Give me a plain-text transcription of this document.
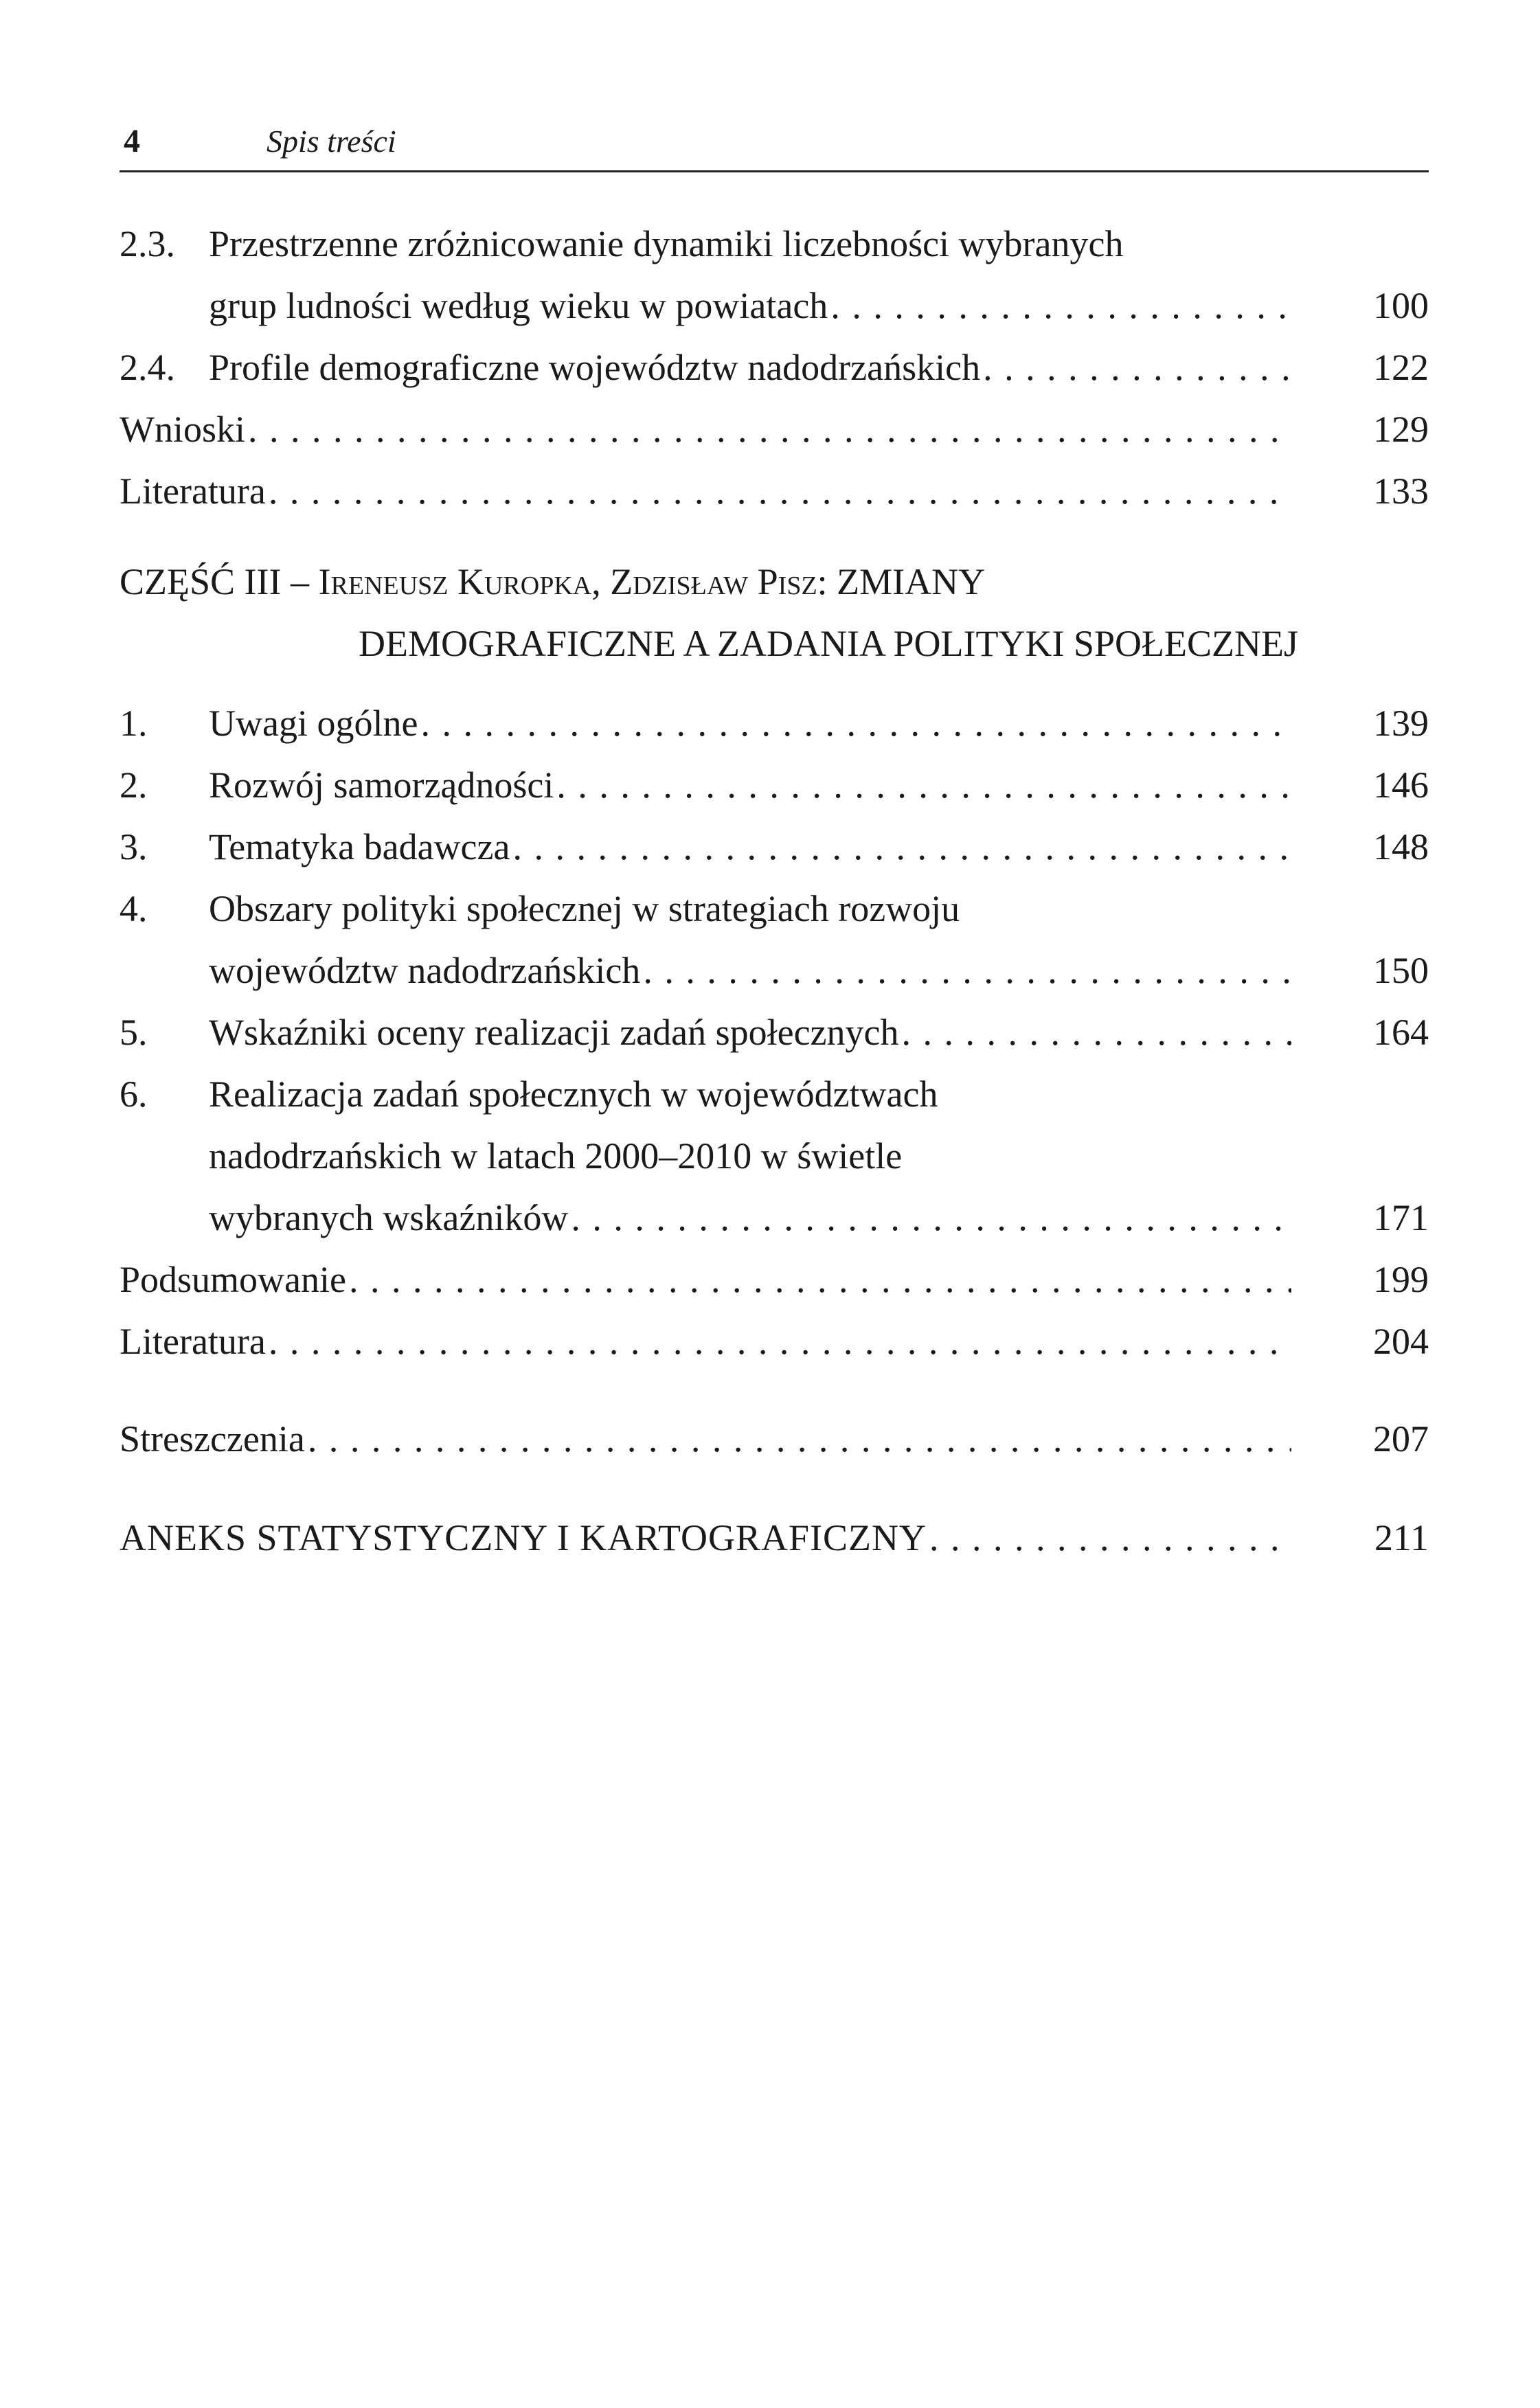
4	Spis treści
2.3. Przestrzenne zróżnicowanie dynamiki liczebności wybranych
grup ludności według wieku w powiatach . . .	100
2.4. Profile demograficzne województw nadodrzańskich . . .	122
Wnioski . . .	129
Literatura . . .	133
CZĘŚĆ III – Ireneusz Kuropka, Zdzisław Pisz: ZMIANY
DEMOGRAFICZNE A ZADANIA POLITYKI SPOŁECZNEJ
1. Uwagi ogólne . . .	139
2. Rozwój samorządności . . .	146
3. Tematyka badawcza . . .	148
4. Obszary polityki społecznej w strategiach rozwoju
województw nadodrzańskich . . .	150
5. Wskaźniki oceny realizacji zadań społecznych . . .	164
6. Realizacja zadań społecznych w województwach
nadodrzańskich w latach 2000–2010 w świetle
wybranych wskaźników . . .	171
Podsumowanie . . .	199
Literatura . . .	204
Streszczenia . . .	207
ANEKS STATYSTYCZNY I KARTOGRAFICZNY . . .	211
